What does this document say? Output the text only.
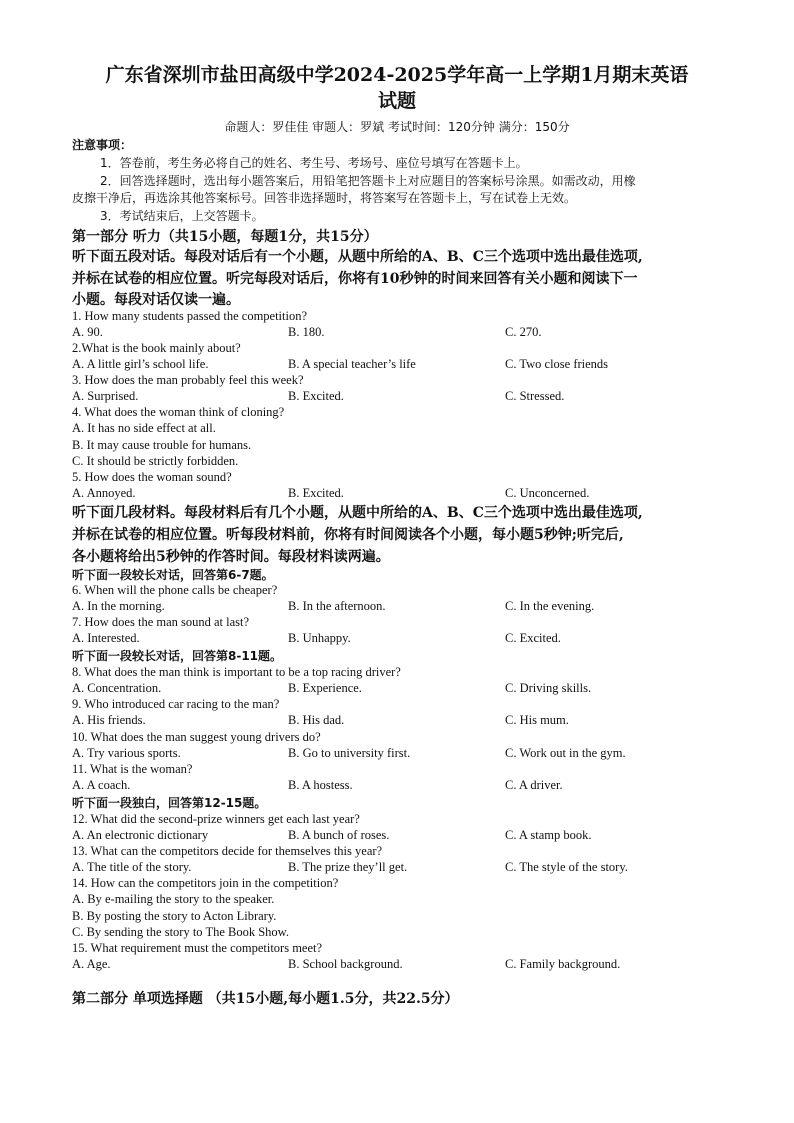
广东省深圳市盐田高级中学2024-2025学年高一上学期1月期末英语
试题
命题人：罗佳佳 审题人：罗斌 考试时间：120分钟 满分：150分
注意事项：
1．答卷前，考生务必将自己的姓名、考生号、考场号、座位号填写在答题卡上。
2．回答选择题时，选出每小题答案后，用铅笔把答题卡上对应题目的答案标号涂黑。如需改动，用橡
皮擦干净后，再选涂其他答案标号。回答非选择题时，将答案写在答题卡上，写在试卷上无效。
3．考试结束后，上交答题卡。
第一部分 听力（共15小题，每题1分，共15分）
听下面五段对话。每段对话后有一个小题，从题中所给的A、B、C三个选项中选出最佳选项,
并标在试卷的相应位置。听完每段对话后，你将有10秒钟的时间来回答有关小题和阅读下一
小题。每段对话仅读一遍。
1. How many students passed the competition?
A. 90.	B. 180.	C. 270.
2.What is the book mainly about?
A. A little girl’s school life.	B. A special teacher’s life	C. Two close friends
3. How does the man probably feel this week?
A. Surprised.	B. Excited.	C. Stressed.
4. What does the woman think of cloning?
A. It has no side effect at all.
B. It may cause trouble for humans.
C. It should be strictly forbidden.
5. How does the woman sound?
A. Annoyed.	B. Excited.	C. Unconcerned.
听下面几段材料。每段材料后有几个小题，从题中所给的A、B、C三个选项中选出最佳选项,
并标在试卷的相应位置。听每段材料前，你将有时间阅读各个小题，每小题5秒钟;听完后,
各小题将给出5秒钟的作答时间。每段材料读两遍。
听下面一段较长对话，回答第6-7题。
6. When will the phone calls be cheaper?
A. In the morning.	B. In the afternoon.	C. In the evening.
7. How does the man sound at last?
A. Interested.	B. Unhappy.	C. Excited.
听下面一段较长对话，回答第8-11题。
8. What does the man think is important to be a top racing driver?
A. Concentration.	B. Experience.	C. Driving skills.
9. Who introduced car racing to the man?
A. His friends.	B. His dad.	C. His mum.
10. What does the man suggest young drivers do?
A. Try various sports.	B. Go to university first.	C. Work out in the gym.
11. What is the woman?
A. A coach.	B. A hostess.	C. A driver.
听下面一段独白，回答第12-15题。
12. What did the second-prize winners get each last year?
A. An electronic dictionary	B. A bunch of roses.	C. A stamp book.
13. What can the competitors decide for themselves this year?
A. The title of the story.	B. The prize they’ll get.	C. The style of the story.
14. How can the competitors join in the competition?
A. By e-mailing the story to the speaker.
B. By posting the story to Acton Library.
C. By sending the story to The Book Show.
15. What requirement must the competitors meet?
A. Age.	B. School background.	C. Family background.
第二部分 单项选择题 （共15小题,每小题1.5分，共22.5分）
